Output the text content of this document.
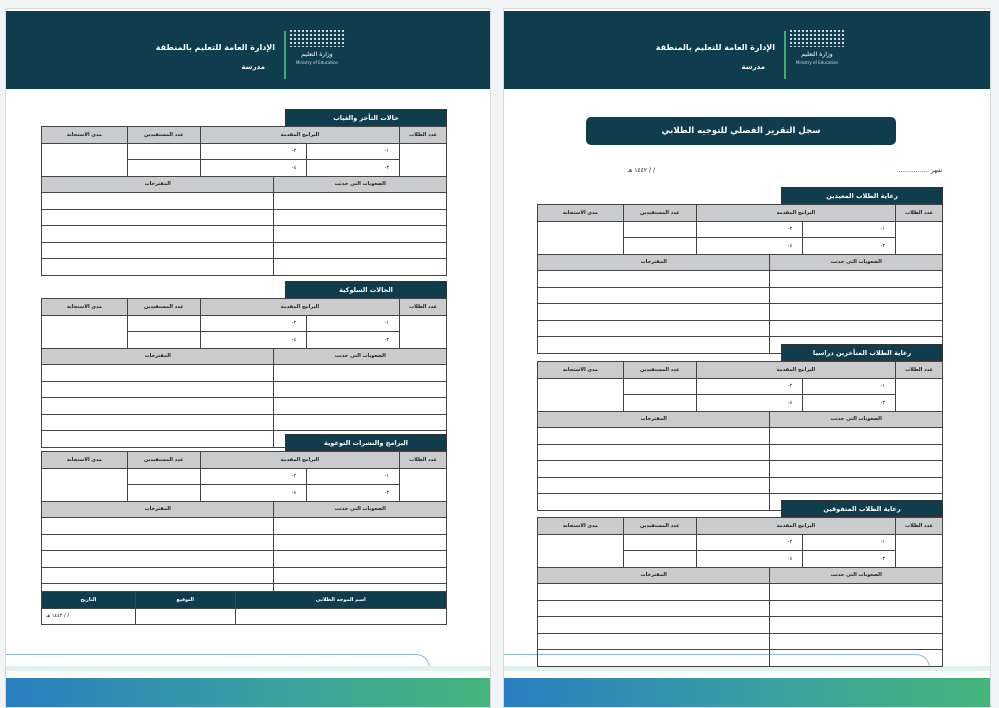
الإدارة العامة للتعليم بالمنطقة
مدرسة
وزارة التعليم
Ministry of Education
حالات التأخر والغياب
عدد الطلاب	البرامج المقدمة			عدد المستفيدين	مدى الاستجابة
	١-	٢-			
	٣-	٤-			
الصعوبات التي حدثت			المقترحات		

الحالات السلوكية
عدد الطلاب	البرامج المقدمة			عدد المستفيدين	مدى الاستجابة
	١-	٢-			
	٣-	٤-			
الصعوبات التي حدثت			المقترحات		

البرامج والنشرات التوعوية
عدد الطلاب	البرامج المقدمة			عدد المستفيدين	مدى الاستجابة
	١-	٢-			
	٣-	٤-			
الصعوبات التي حدثت			المقترحات		

اسم الموجه الطلابي	التوقيع	التاريخ
		/ / ١٤٤٢ هـ
الإدارة العامة للتعليم بالمنطقة
مدرسة
وزارة التعليم
Ministry of Education
سجل التقرير الفصلي للتوجيه الطلابي
شهر ................
/ / ١٤٤٢ هـ
رعاية الطلاب المعيدين
عدد الطلاب	البرامج المقدمة			عدد المستفيدين	مدى الاستجابة
	١-	٢-			
	٣-	٤-			
الصعوبات التي حدثت			المقترحات		

رعاية الطلاب المتأخرين دراسيا
عدد الطلاب	البرامج المقدمة			عدد المستفيدين	مدى الاستجابة
	١-	٢-			
	٣-	٤-			
الصعوبات التي حدثت			المقترحات		

رعاية الطلاب المتفوقين
عدد الطلاب	البرامج المقدمة			عدد المستفيدين	مدى الاستجابة
	١-	٢-			
	٣-	٤-			
الصعوبات التي حدثت			المقترحات		
